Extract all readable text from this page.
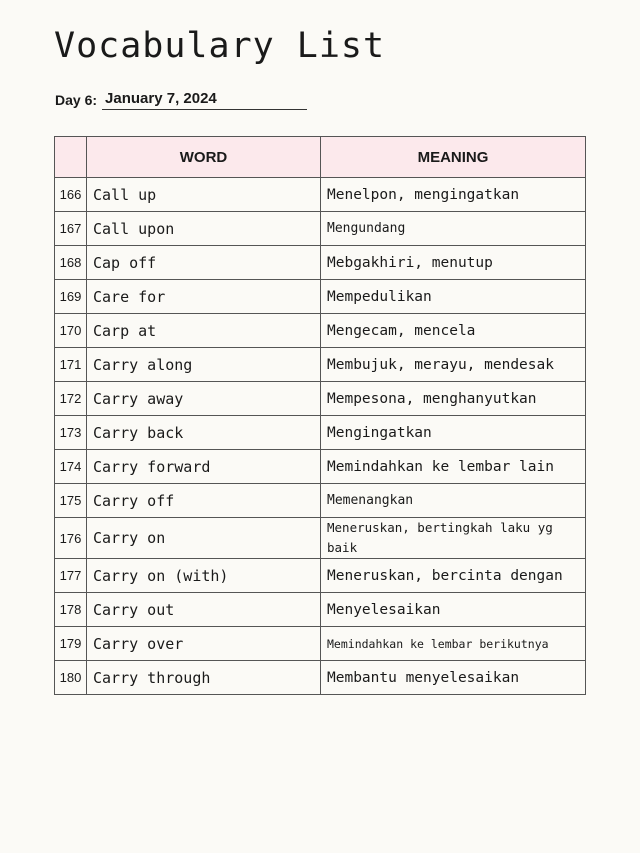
Vocabulary List
Day 6: January 7, 2024
	WORD	MEANING
166	Call up	Menelpon, mengingatkan
167	Call upon	Mengundang
168	Cap off	Mebgakhiri, menutup
169	Care for	Mempedulikan
170	Carp at	Mengecam, mencela
171	Carry along	Membujuk, merayu, mendesak
172	Carry away	Mempesona, menghanyutkan
173	Carry back	Mengingatkan
174	Carry forward	Memindahkan ke lembar lain
175	Carry off	Memenangkan
176	Carry on	Meneruskan, bertingkah laku yg baik
177	Carry on (with)	Meneruskan, bercinta dengan
178	Carry out	Menyelesaikan
179	Carry over	Memindahkan ke lembar berikutnya
180	Carry through	Membantu menyelesaikan
